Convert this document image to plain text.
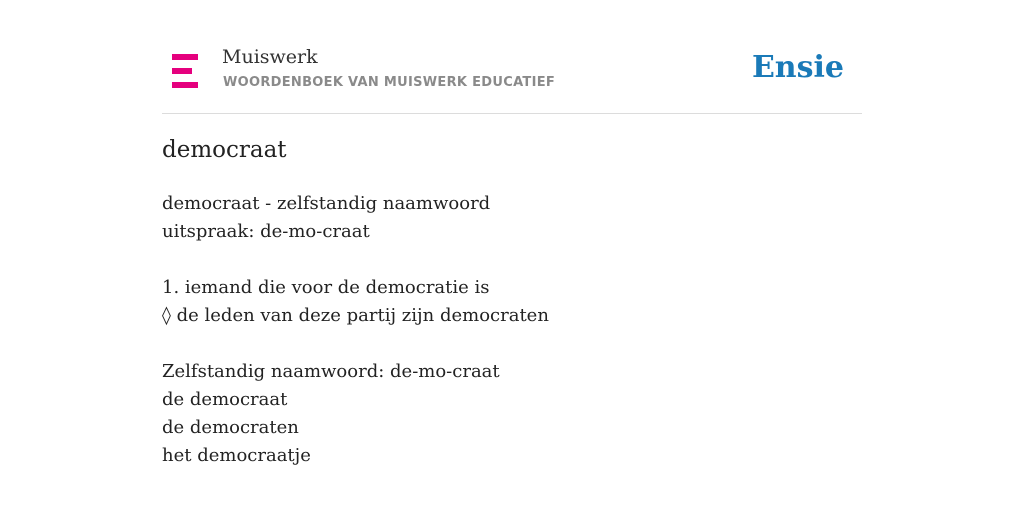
Muiswerk
WOORDENBOEK VAN MUISWERK EDUCATIEF	Ensie
democraat
democraat - zelfstandig naamwoord
uitspraak: de-mo-craat
1. iemand die voor de democratie is
◊ de leden van deze partij zijn democraten
Zelfstandig naamwoord: de-mo-craat
de democraat
de democraten
het democraatje
